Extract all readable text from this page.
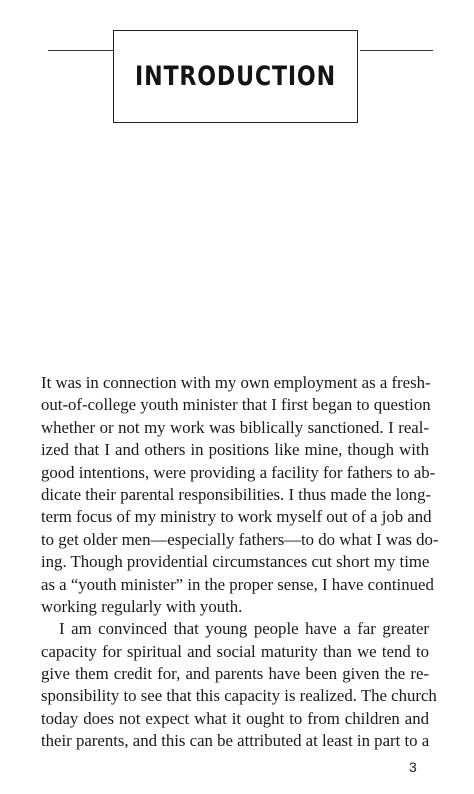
INTRODUCTION
It was in connection with my own employment as a fresh-
out-of-college youth minister that I first began to question
whether or not my work was biblically sanctioned. I real-
ized that I and others in positions like mine, though with
good intentions, were providing a facility for fathers to ab-
dicate their parental responsibilities. I thus made the long-
term focus of my ministry to work myself out of a job and
to get older men—especially fathers—to do what I was do-
ing. Though providential circumstances cut short my time
as a “youth minister” in the proper sense, I have continued
working regularly with youth.
I am convinced that young people have a far greater
capacity for spiritual and social maturity than we tend to
give them credit for, and parents have been given the re-
sponsibility to see that this capacity is realized. The church
today does not expect what it ought to from children and
their parents, and this can be attributed at least in part to a
3
